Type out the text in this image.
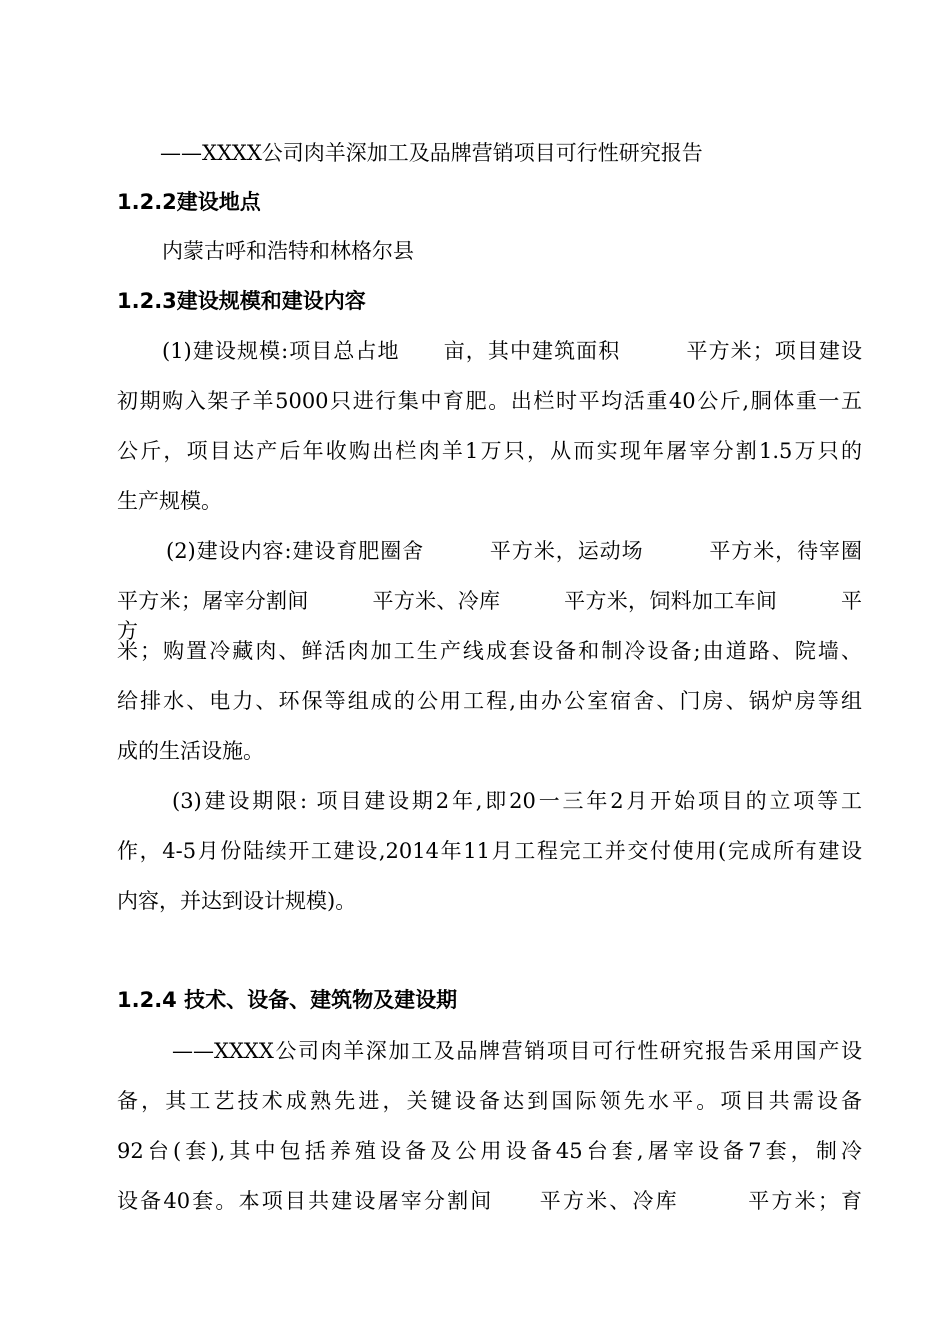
——XXXX公司肉羊深加工及品牌营销项目可行性研究报告
1.2.2建设地点
内蒙古呼和浩特和林格尔县
1.2.3建设规模和建设内容
(1)建设规模:项目总占地　　亩，其中建筑面积　　　平方米；项目建设
初期购入架子羊5000只进行集中育肥。出栏时平均活重40公斤,胴体重一五
公斤，项目达产后年收购出栏肉羊1万只，从而实现年屠宰分割1.5万只的
生产规模。
(2)建设内容:建设育肥圈舍　　　平方米，运动场　　　平方米，待宰圈
平方米；屠宰分割间　　　平方米、冷库　　　平方米，饲料加工车间　　　平方
米；购置冷藏肉、鲜活肉加工生产线成套设备和制冷设备;由道路、院墙、
给排水、电力、环保等组成的公用工程,由办公室宿舍、门房、锅炉房等组
成的生活设施。
(3)建设期限: 项目建设期2年,即20一三年2月开始项目的立项等工
作，4-5月份陆续开工建设,2014年11月工程完工并交付使用(完成所有建设
内容，并达到设计规模)。
1.2.4 技术、设备、建筑物及建设期
——XXXX公司肉羊深加工及品牌营销项目可行性研究报告采用国产设
备，其工艺技术成熟先进，关键设备达到国际领先水平。项目共需设备
92台(套),其中包括养殖设备及公用设备45台套,屠宰设备7套，制冷
设备40套。本项目共建设屠宰分割间　　平方米、冷库　　　平方米；育
